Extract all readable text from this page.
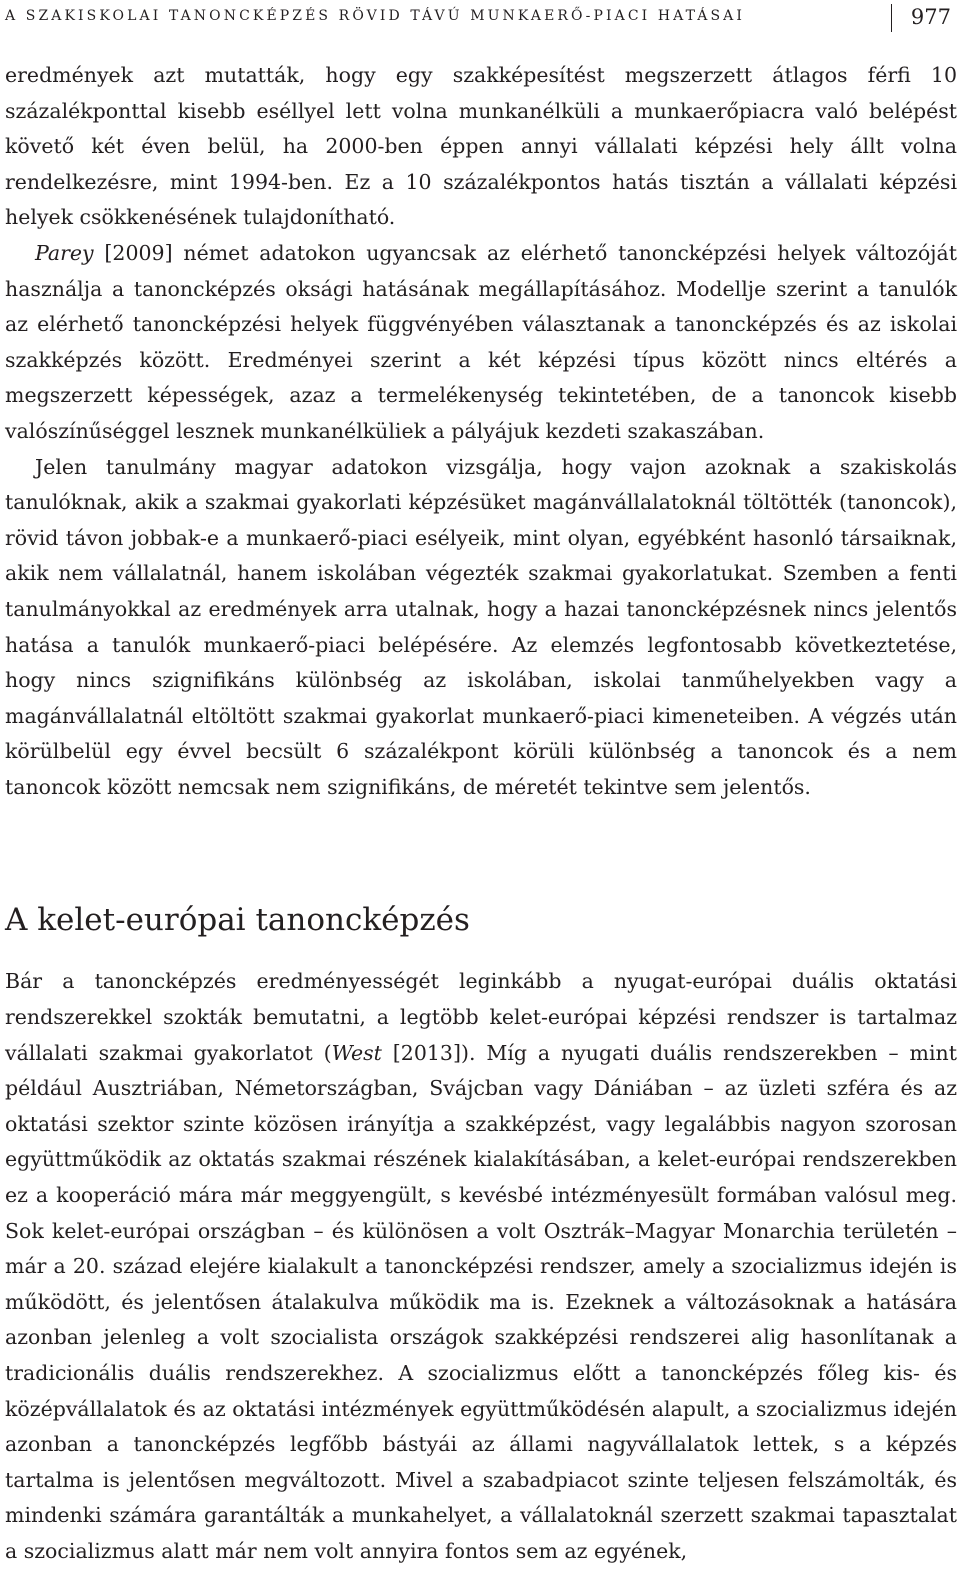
A SZAKISKOLAI TANONCKÉPZÉS RÖVID TÁVÚ MUNKAERŐ-PIACI HATÁSAI	977

eredmények azt mutatták, hogy egy szakképesítést megszerzett átlagos férfi 10 százalékponttal kisebb eséllyel lett volna munkanélküli a munkaerőpiacra való belépést követő két éven belül, ha 2000-ben éppen annyi vállalati képzési hely állt volna rendelkezésre, mint 1994-ben. Ez a 10 százalékpontos hatás tisztán a vállalati képzési helyek csökkenésének tulajdonítható.

Parey [2009] német adatokon ugyancsak az elérhető tanoncképzési helyek változóját használja a tanoncképzés oksági hatásának megállapításához. Modellje szerint a tanulók az elérhető tanoncképzési helyek függvényében választanak a tanoncképzés és az iskolai szakképzés között. Eredményei szerint a két képzési típus között nincs eltérés a megszerzett képességek, azaz a termelékenység tekintetében, de a tanoncok kisebb valószínűséggel lesznek munkanélküliek a pályájuk kezdeti szakaszában.

Jelen tanulmány magyar adatokon vizsgálja, hogy vajon azoknak a szakiskolás tanulóknak, akik a szakmai gyakorlati képzésüket magánvállalatoknál töltötték (tanoncok), rövid távon jobbak-e a munkaerő-piaci esélyeik, mint olyan, egyébként hasonló társaiknak, akik nem vállalatnál, hanem iskolában végezték szakmai gyakorlatukat. Szemben a fenti tanulmányokkal az eredmények arra utalnak, hogy a hazai tanoncképzésnek nincs jelentős hatása a tanulók munkaerő-piaci belépésére. Az elemzés legfontosabb következtetése, hogy nincs szignifikáns különbség az iskolában, iskolai tanműhelyekben vagy a magánvállalatnál eltöltött szakmai gyakorlat munkaerő-piaci kimeneteiben. A végzés után körülbelül egy évvel becsült 6 százalékpont körüli különbség a tanoncok és a nem tanoncok között nemcsak nem szignifikáns, de méretét tekintve sem jelentős.

A kelet-európai tanoncképzés

Bár a tanoncképzés eredményességét leginkább a nyugat-európai duális oktatási rendszerekkel szokták bemutatni, a legtöbb kelet-európai képzési rendszer is tartalmaz vállalati szakmai gyakorlatot (West [2013]). Míg a nyugati duális rendszerekben – mint például Ausztriában, Németországban, Svájcban vagy Dániában – az üzleti szféra és az oktatási szektor szinte közösen irányítja a szakképzést, vagy legalábbis nagyon szorosan együttműködik az oktatás szakmai részének kialakításában, a kelet-európai rendszerekben ez a kooperáció mára már meggyengült, s kevésbé intézményesült formában valósul meg. Sok kelet-európai országban – és különösen a volt Osztrák–Magyar Monarchia területén – már a 20. század elejére kialakult a tanoncképzési rendszer, amely a szocializmus idején is működött, és jelentősen átalakulva működik ma is. Ezeknek a változásoknak a hatására azonban jelenleg a volt szocialista országok szakképzési rendszerei alig hasonlítanak a tradicionális duális rendszerekhez. A szocializmus előtt a tanoncképzés főleg kis- és középvállalatok és az oktatási intézmények együttműködésén alapult, a szocializmus idején azonban a tanoncképzés legfőbb bástyái az állami nagyvállalatok lettek, s a képzés tartalma is jelentősen megváltozott. Mivel a szabadpiacot szinte teljesen felszámolták, és mindenki számára garantálták a munkahelyet, a vállalatoknál szerzett szakmai tapasztalat a szocializmus alatt már nem volt annyira fontos sem az egyének,
